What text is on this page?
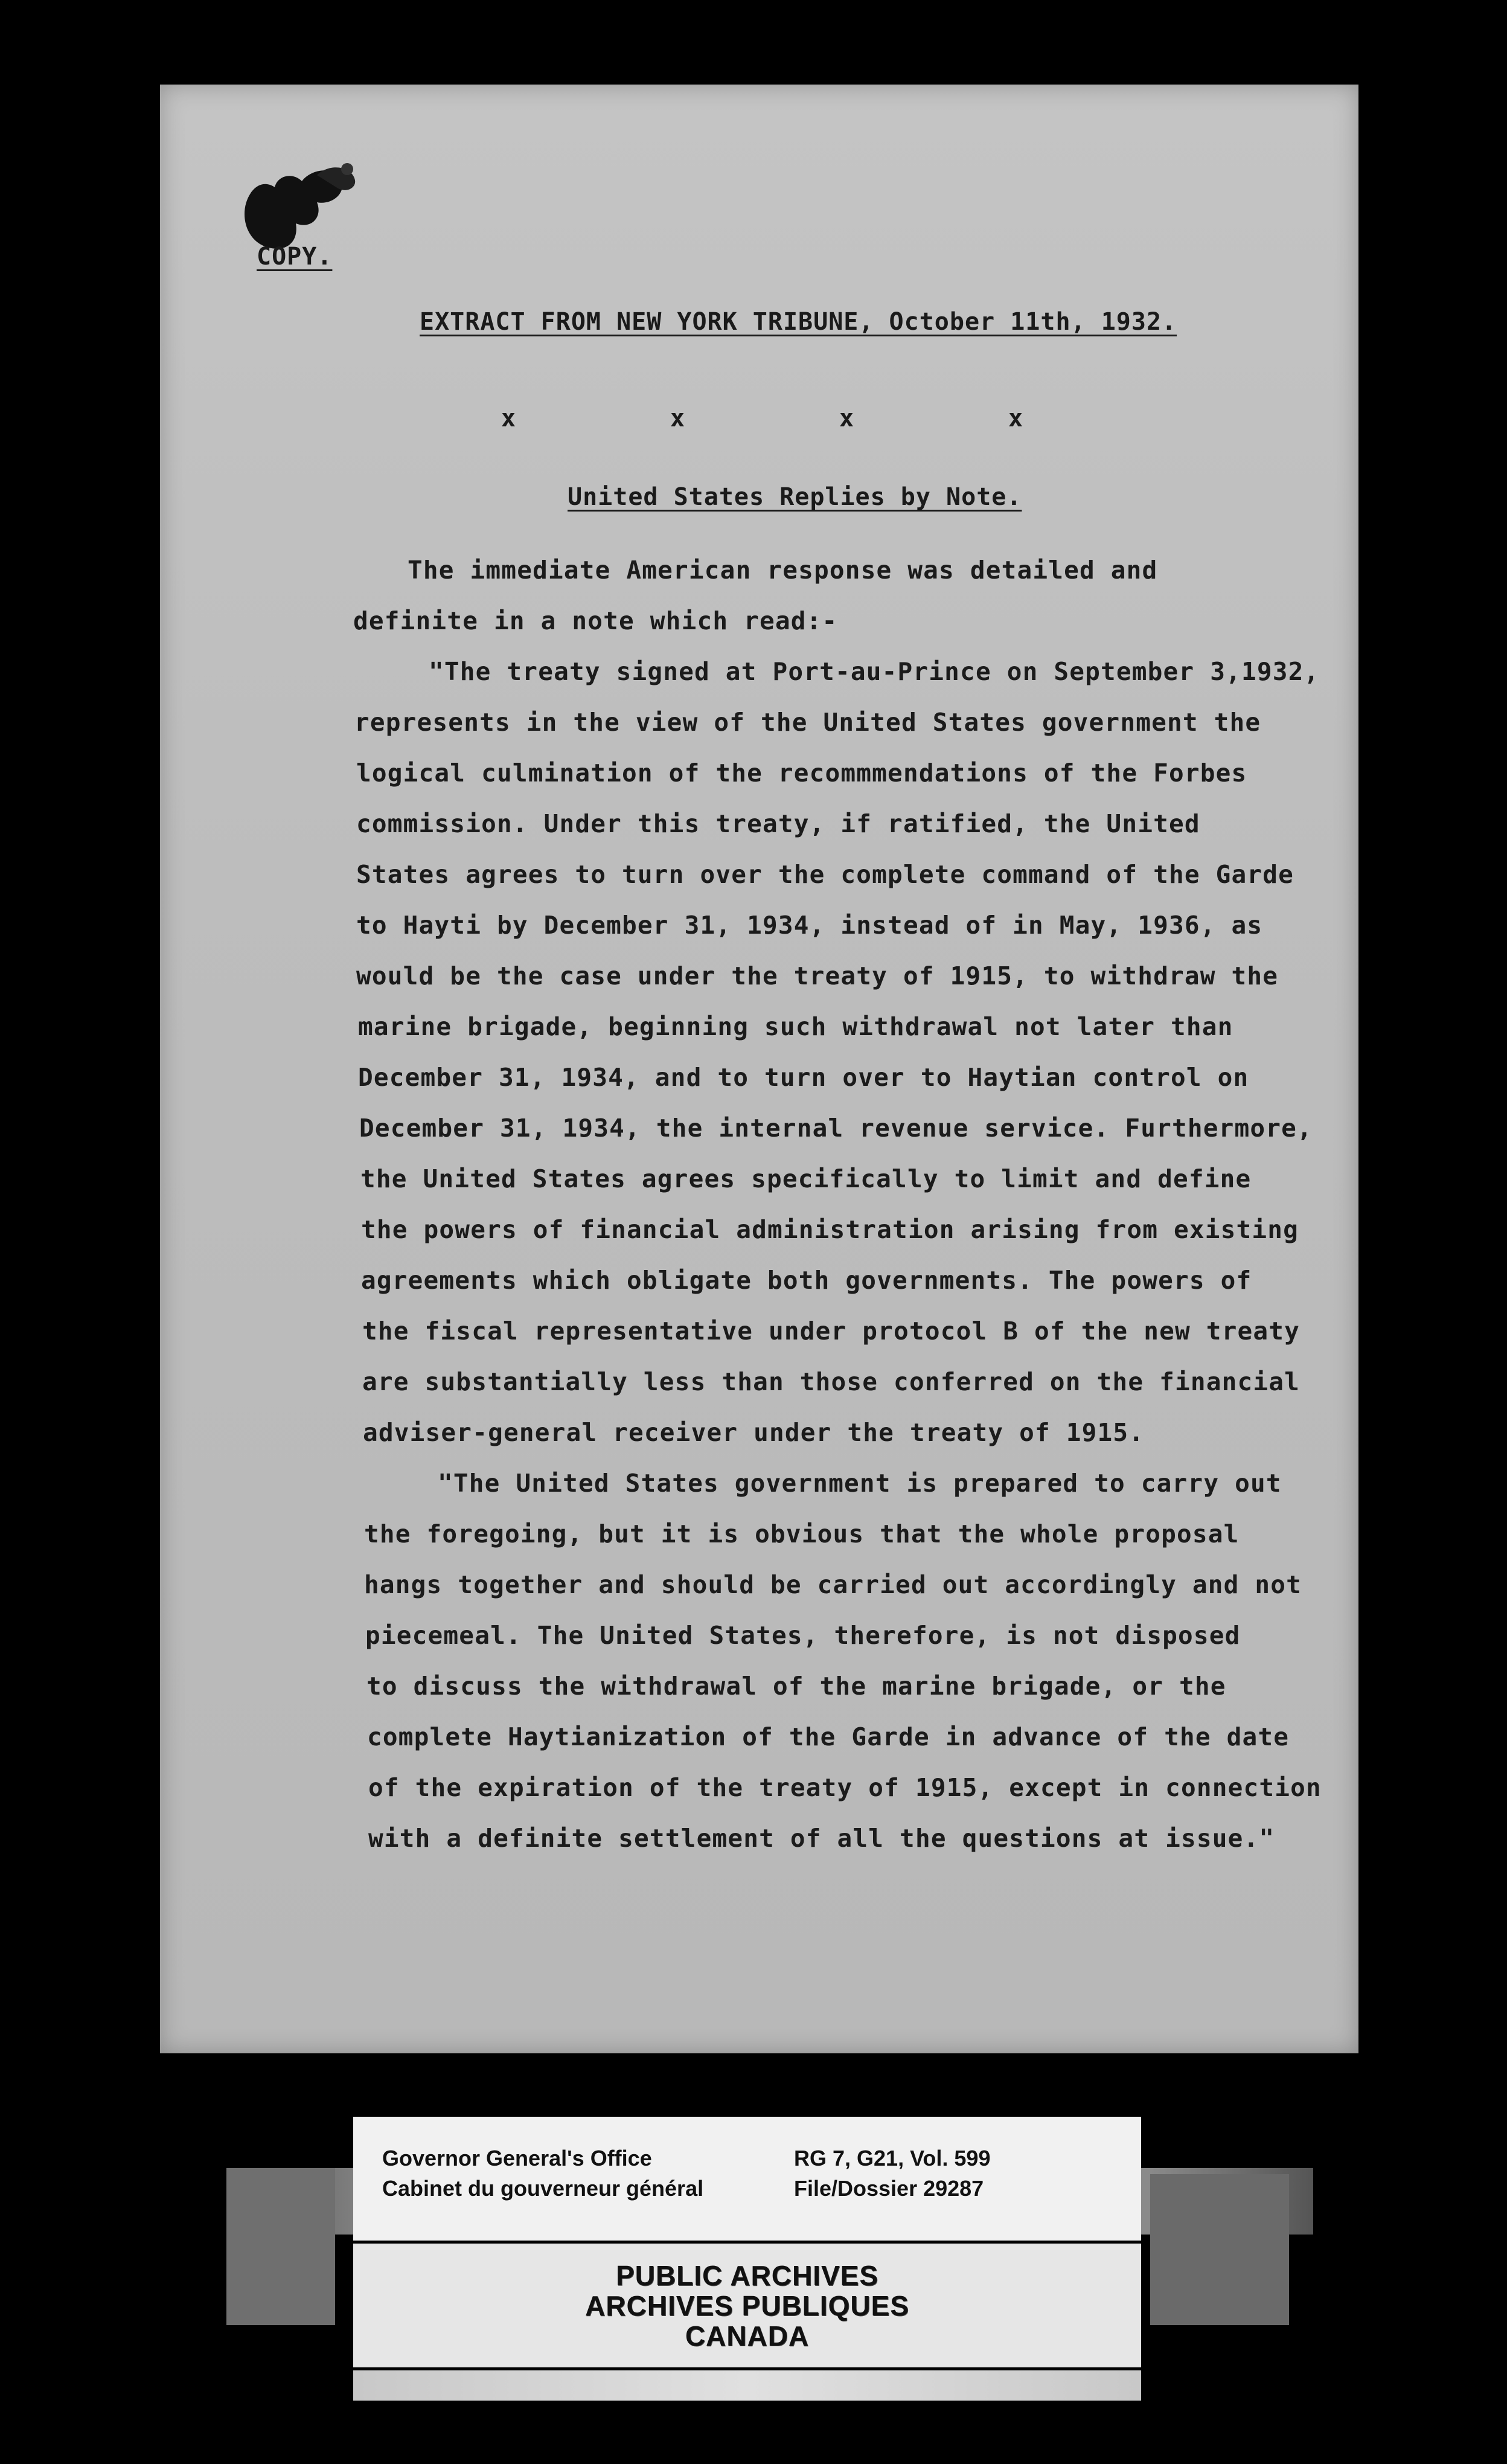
COPY.
EXTRACT FROM NEW YORK TRIBUNE, October 11th, 1932.
x	x	x	x
United States Replies by Note.
The immediate American response was detailed and
definite in a note which read:-
"The treaty signed at Port-au-Prince on September 3,1932,
represents in the view of the United States government the
logical culmination of the recommmendations of the Forbes
commission. Under this treaty, if ratified, the United
States agrees to turn over the complete command of the Garde
to Hayti by December 31, 1934, instead of in May, 1936, as
would be the case under the treaty of 1915, to withdraw the
marine brigade, beginning such withdrawal not later than
December 31, 1934, and to turn over to Haytian control on
December 31, 1934, the internal revenue service. Furthermore,
the United States agrees specifically to limit and define
the powers of financial administration arising from existing
agreements which obligate both governments. The powers of
the fiscal representative under protocol B of the new treaty
are substantially less than those conferred on the financial
adviser-general receiver under the treaty of 1915.
"The United States government is prepared to carry out
the foregoing, but it is obvious that the whole proposal
hangs together and should be carried out accordingly and not
piecemeal. The United States, therefore, is not disposed
to discuss the withdrawal of the marine brigade, or the
complete Haytianization of the Garde in advance of the date
of the expiration of the treaty of 1915, except in connection
with a definite settlement of all the questions at issue."
Governor General's Office
Cabinet du gouverneur général
RG 7, G21, Vol. 599
File/Dossier 29287
PUBLIC ARCHIVES
ARCHIVES PUBLIQUES
CANADA
